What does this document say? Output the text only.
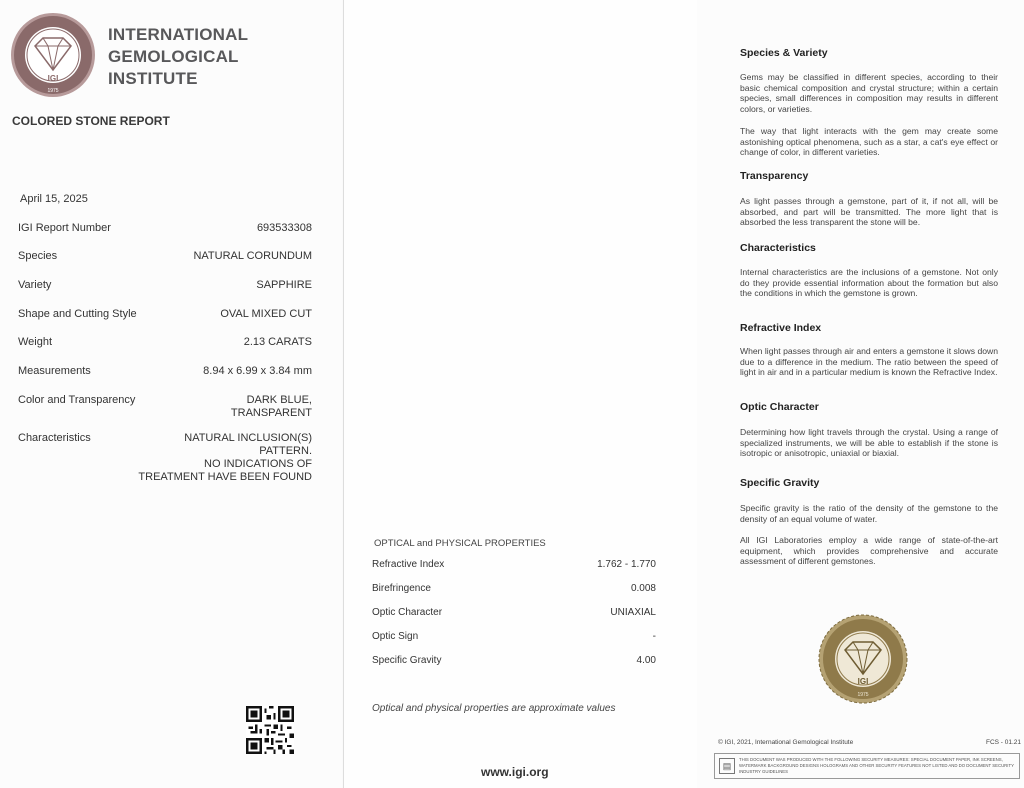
IGI
1975
INTERNATIONAL
GEMOLOGICAL
INSTITUTE
COLORED STONE REPORT
April 15, 2025
IGI Report Number	693533308
Species	NATURAL CORUNDUM
Variety	SAPPHIRE
Shape and Cutting Style	OVAL MIXED CUT
Weight	2.13 CARATS
Measurements	8.94 x 6.99 x 3.84 mm
Color and Transparency	DARK BLUE,
TRANSPARENT
Characteristics	NATURAL INCLUSION(S)
PATTERN.
NO INDICATIONS OF
TREATMENT HAVE BEEN FOUND
OPTICAL and PHYSICAL PROPERTIES
Refractive Index	1.762 - 1.770
Birefringence	0.008
Optic Character	UNIAXIAL
Optic Sign	-
Specific Gravity	4.00
Optical and physical properties are approximate values
www.igi.org
Species & Variety
Gems may be classified in different species, according to their basic chemical composition and crystal structure; within a certain species, small differences in composition may results in different colors, or varieties.
The way that light interacts with the gem may create some astonishing optical phenomena, such as a star, a cat's eye effect or change of color, in different varieties.
Transparency
As light passes through a gemstone, part of it, if not all, will be absorbed, and part will be transmitted. The more light that is absorbed the less transparent the stone will be.
Characteristics
Internal characteristics are the inclusions of a gemstone. Not only do they provide essential information about the formation but also the conditions in which the gemstone is grown.
Refractive Index
When light passes through air and enters a gemstone it slows down due to a difference in the medium. The ratio between the speed of light in air and in a particular medium is known the Refractive Index.
Optic Character
Determining how light travels through the crystal. Using a range of specialized instruments, we will be able to establish if the stone is isotropic or anisotropic, uniaxial or biaxial.
Specific Gravity
Specific gravity is the ratio of the density of the gemstone to the density of an equal volume of water.
All IGI Laboratories employ a wide range of state-of-the-art equipment, which provides comprehensive and accurate assessment of different gemstones.
IGI
1975
© IGI, 2021, International Gemological Institute	FCS - 01.21
▤
THIS DOCUMENT WAS PRODUCED WITH THE FOLLOWING SECURITY MEASURES: SPECIAL DOCUMENT PAPER, INK SCREENS, WATERMARK BACKGROUND DESIGNS HOLOGRAMS AND OTHER SECURITY FEATURES NOT LISTED AND DO DOCUMENT SECURITY INDUSTRY GUIDELINES
